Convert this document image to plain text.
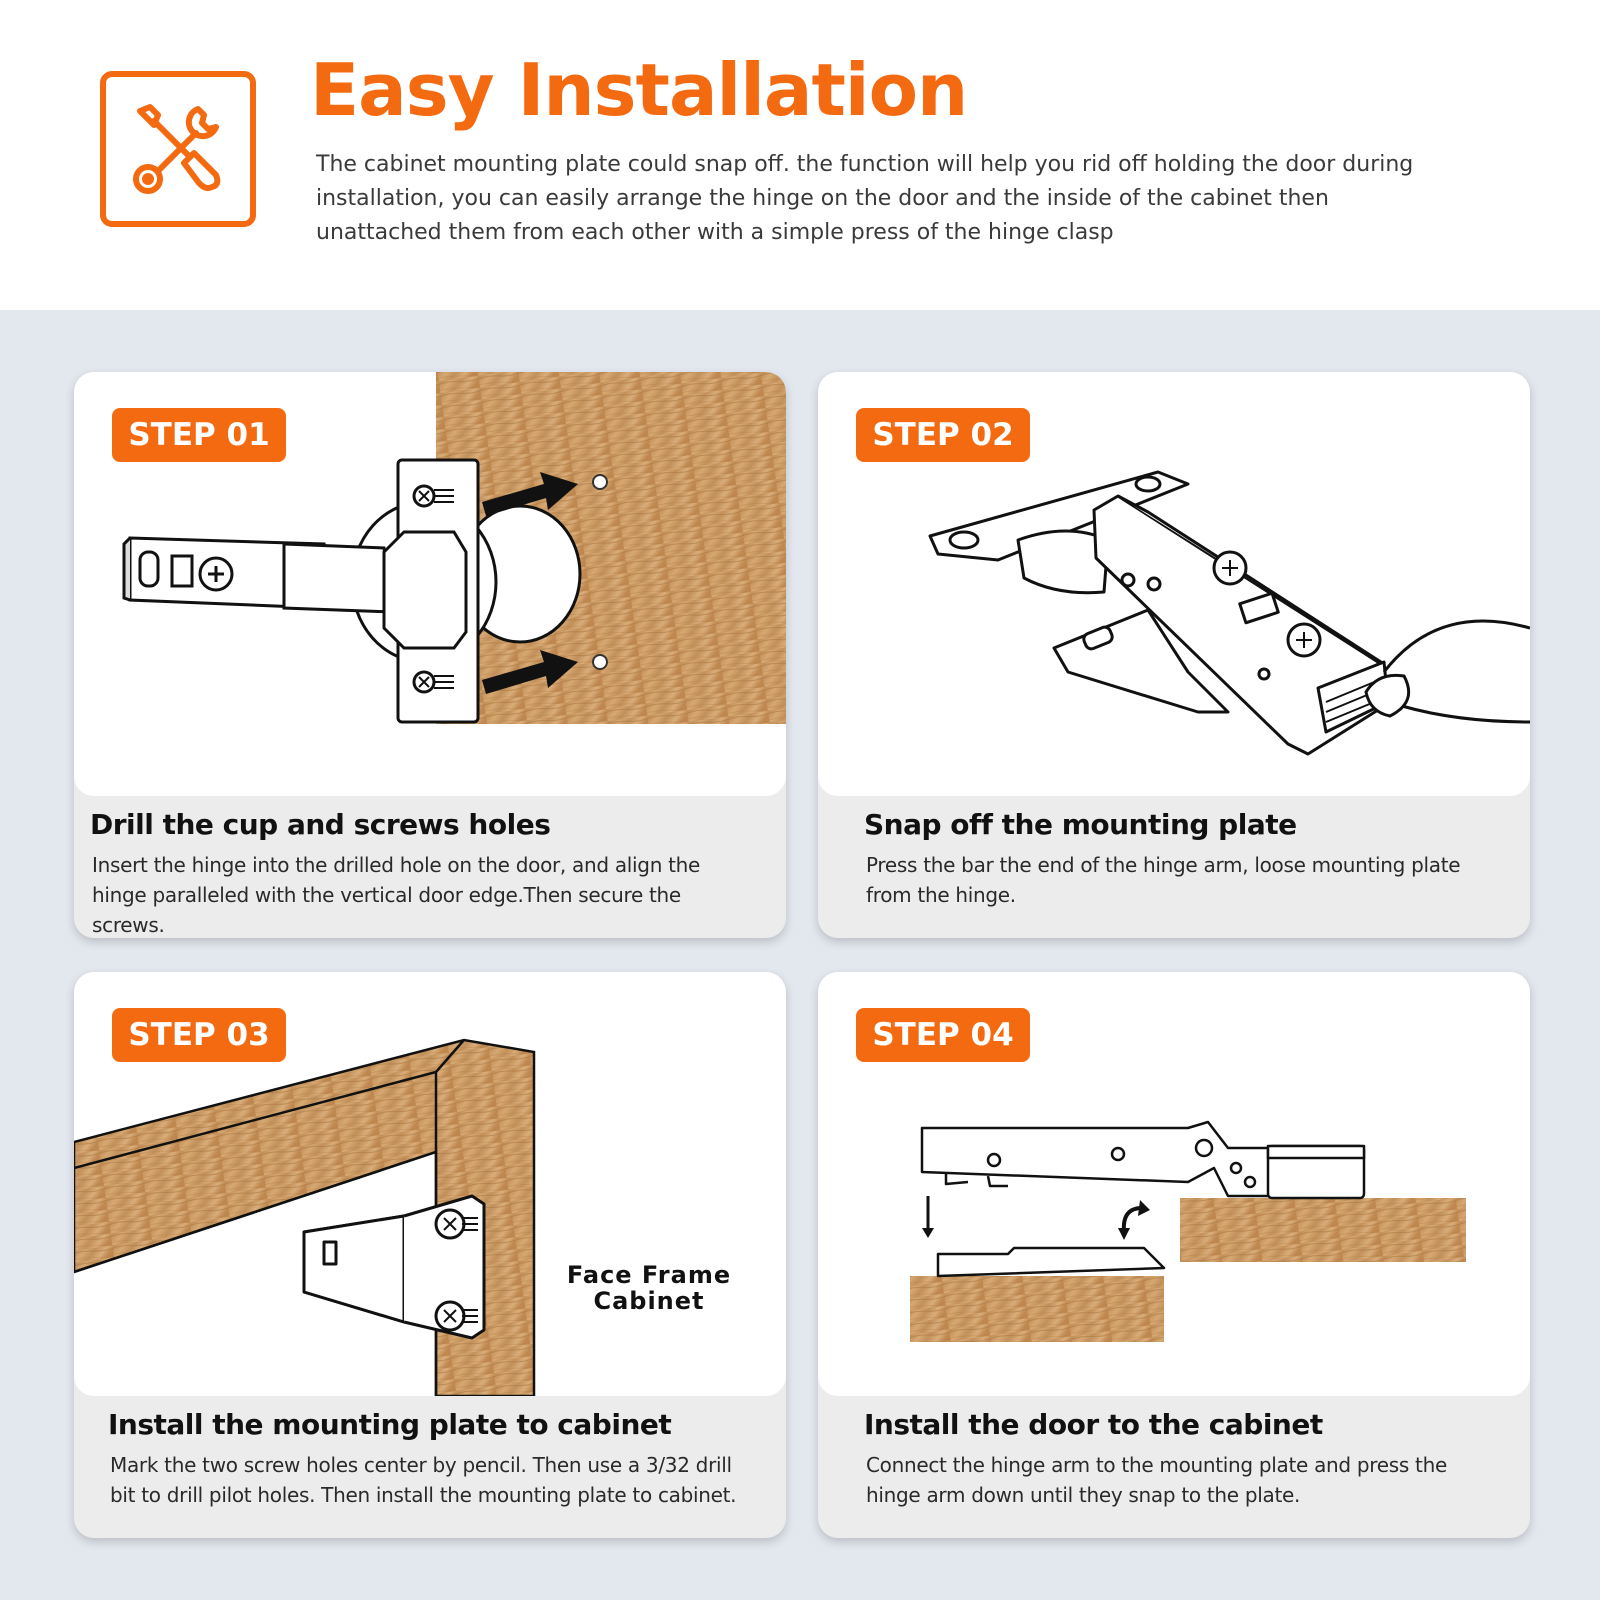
Easy Installation

The cabinet mounting plate could snap off. the function will help you rid off holding the door during installation, you can easily arrange the hinge on the door and the inside of the cabinet then unattached them from each other with a simple press of the hinge clasp

STEP 01
Drill the cup and screws holes

Insert the hinge into the drilled hole on the door, and align the hinge paralleled with the vertical door edge.Then secure the screws.

STEP 02
Snap off the mounting plate

Press the bar the end of the hinge arm, loose mounting plate from the hinge.

STEP 03
Face Frame Cabinet
Install the mounting plate to cabinet

Mark the two screw holes center by pencil. Then use a 3/32 drill bit to drill pilot holes. Then install the mounting plate to cabinet.

STEP 04
Install the door to the cabinet

Connect the hinge arm to the mounting plate and press the hinge arm down until they snap to the plate.
